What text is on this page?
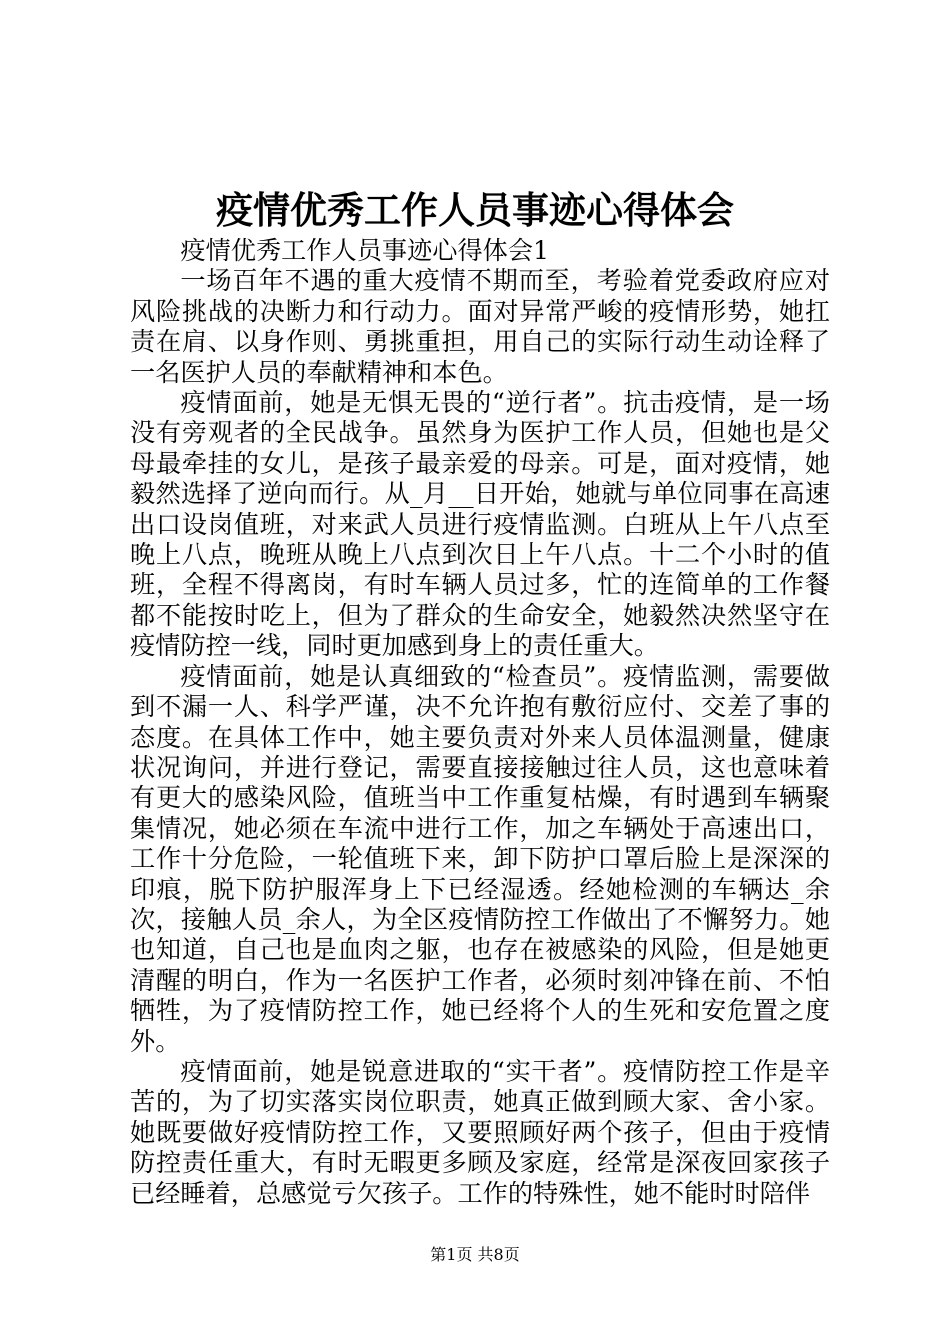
疫情优秀工作人员事迹心得体会

疫情优秀工作人员事迹心得体会1

一场百年不遇的重大疫情不期而至，考验着党委政府应对风险挑战的决断力和行动力。面对异常严峻的疫情形势，她扛责在肩、以身作则、勇挑重担，用自己的实际行动生动诠释了一名医护人员的奉献精神和本色。

疫情面前，她是无惧无畏的“逆行者”。抗击疫情，是一场没有旁观者的全民战争。虽然身为医护工作人员，但她也是父母最牵挂的女儿，是孩子最亲爱的母亲。可是，面对疫情，她毅然选择了逆向而行。从_月__日开始，她就与单位同事在高速出口设岗值班，对来武人员进行疫情监测。白班从上午八点至晚上八点，晚班从晚上八点到次日上午八点。十二个小时的值班，全程不得离岗，有时车辆人员过多，忙的连简单的工作餐都不能按时吃上，但为了群众的生命安全，她毅然决然坚守在疫情防控一线，同时更加感到身上的责任重大。

疫情面前，她是认真细致的“检查员”。疫情监测，需要做到不漏一人、科学严谨，决不允许抱有敷衍应付、交差了事的态度。在具体工作中，她主要负责对外来人员体温测量，健康状况询问，并进行登记，需要直接接触过往人员，这也意味着有更大的感染风险，值班当中工作重复枯燥，有时遇到车辆聚集情况，她必须在车流中进行工作，加之车辆处于高速出口，工作十分危险，一轮值班下来，卸下防护口罩后脸上是深深的印痕，脱下防护服浑身上下已经湿透。经她检测的车辆达_余次，接触人员_余人，为全区疫情防控工作做出了不懈努力。她也知道，自己也是血肉之躯，也存在被感染的风险，但是她更清醒的明白，作为一名医护工作者，必须时刻冲锋在前、不怕牺牲，为了疫情防控工作，她已经将个人的生死和安危置之度外。

疫情面前，她是锐意进取的“实干者”。疫情防控工作是辛苦的，为了切实落实岗位职责，她真正做到顾大家、舍小家。她既要做好疫情防控工作，又要照顾好两个孩子，但由于疫情防控责任重大，有时无暇更多顾及家庭，经常是深夜回家孩子已经睡着，总感觉亏欠孩子。工作的特殊性，她不能时时陪伴

第1页 共8页
